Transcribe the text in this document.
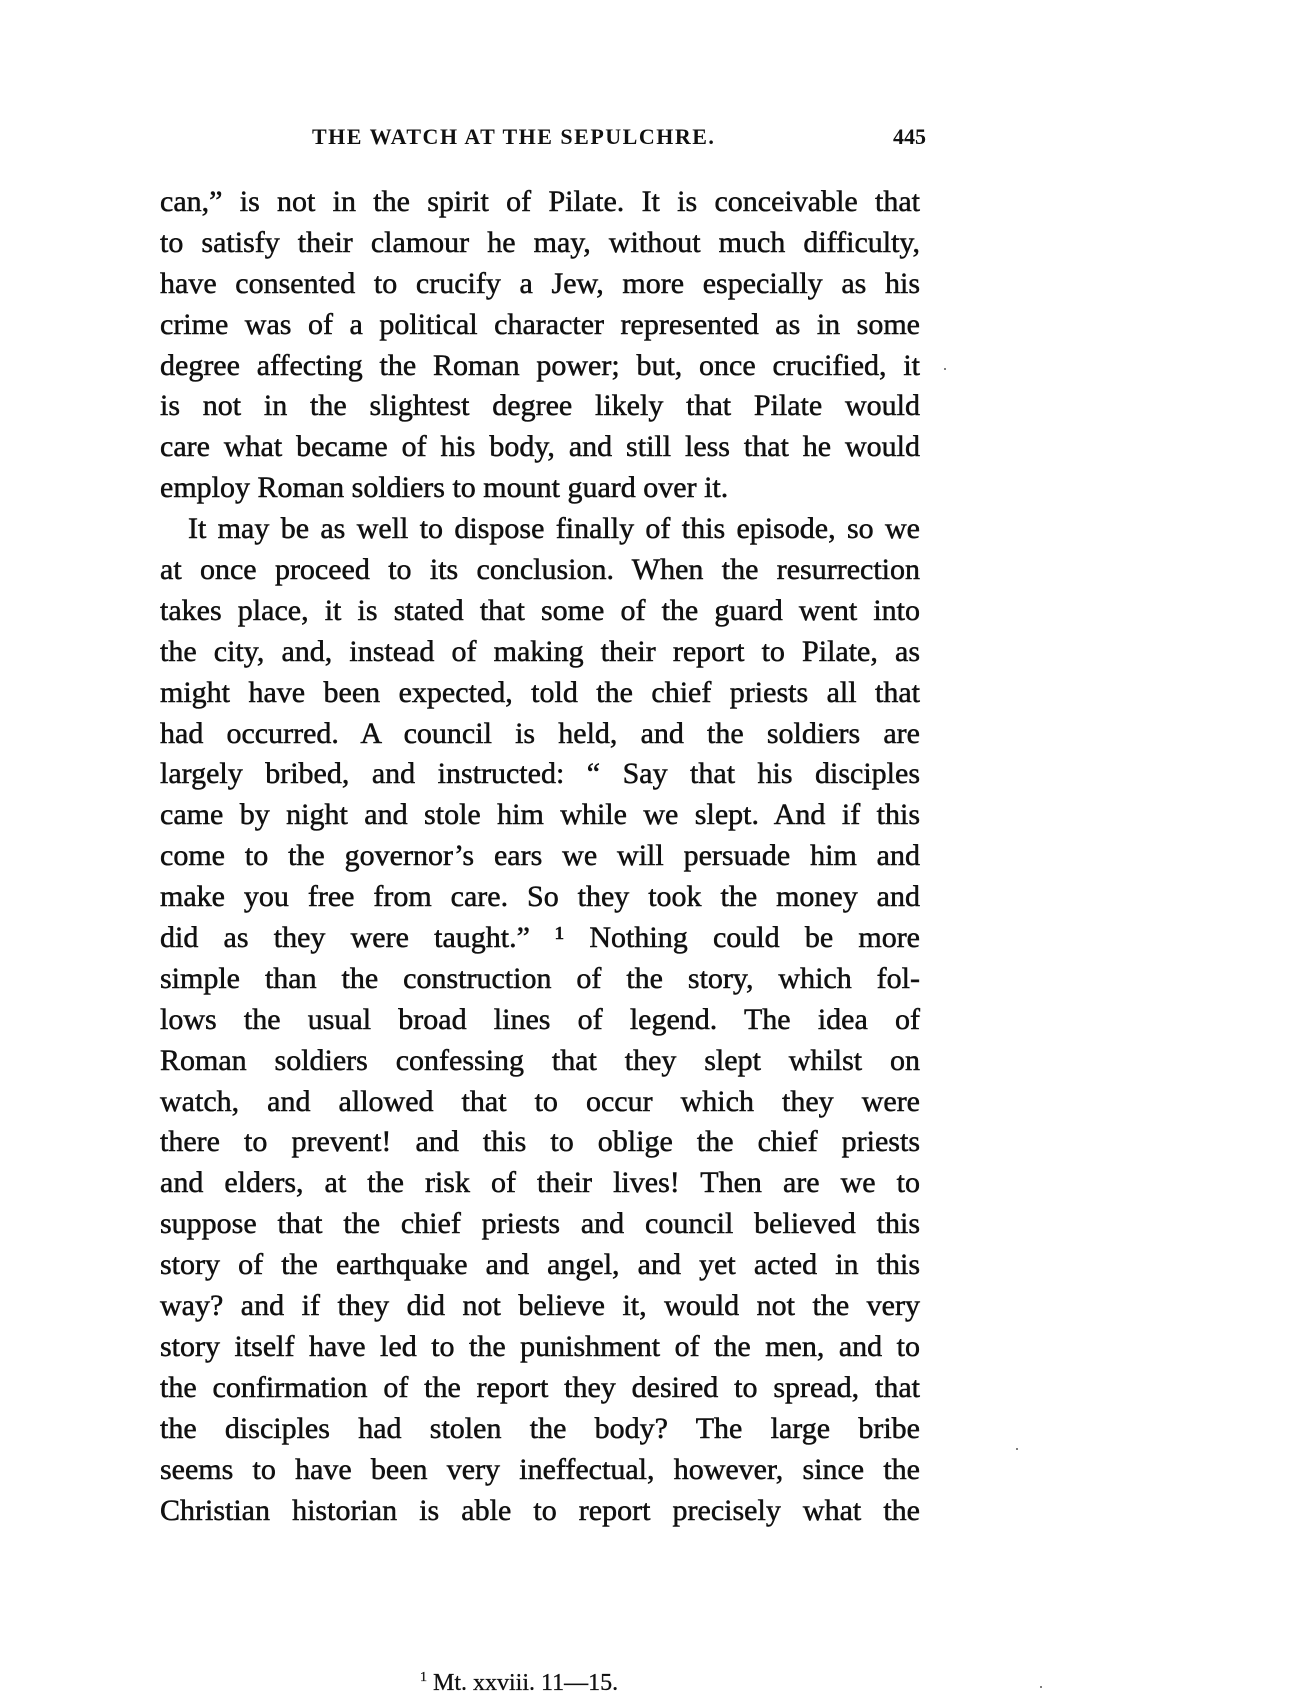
THE WATCH AT THE SEPULCHRE.	445
can,” is not in the spirit of Pilate. It is conceivable that
to satisfy their clamour he may, without much difficulty,
have consented to crucify a Jew, more especially as his
crime was of a political character represented as in some
degree affecting the Roman power; but, once crucified, it
is not in the slightest degree likely that Pilate would
care what became of his body, and still less that he would
employ Roman soldiers to mount guard over it.
It may be as well to dispose finally of this episode, so we
at once proceed to its conclusion. When the resurrection
takes place, it is stated that some of the guard went into
the city, and, instead of making their report to Pilate, as
might have been expected, told the chief priests all that
had occurred. A council is held, and the soldiers are
largely bribed, and instructed: “ Say that his disciples
came by night and stole him while we slept. And if this
come to the governor’s ears we will persuade him and
make you free from care. So they took the money and
did as they were taught.” ¹ Nothing could be more
simple than the construction of the story, which fol-
lows the usual broad lines of legend. The idea of
Roman soldiers confessing that they slept whilst on
watch, and allowed that to occur which they were
there to prevent! and this to oblige the chief priests
and elders, at the risk of their lives! Then are we to
suppose that the chief priests and council believed this
story of the earthquake and angel, and yet acted in this
way? and if they did not believe it, would not the very
story itself have led to the punishment of the men, and to
the confirmation of the report they desired to spread, that
the disciples had stolen the body? The large bribe
seems to have been very ineffectual, however, since the
Christian historian is able to report precisely what the
$^1$ Mt. xxviii. 11—15.
